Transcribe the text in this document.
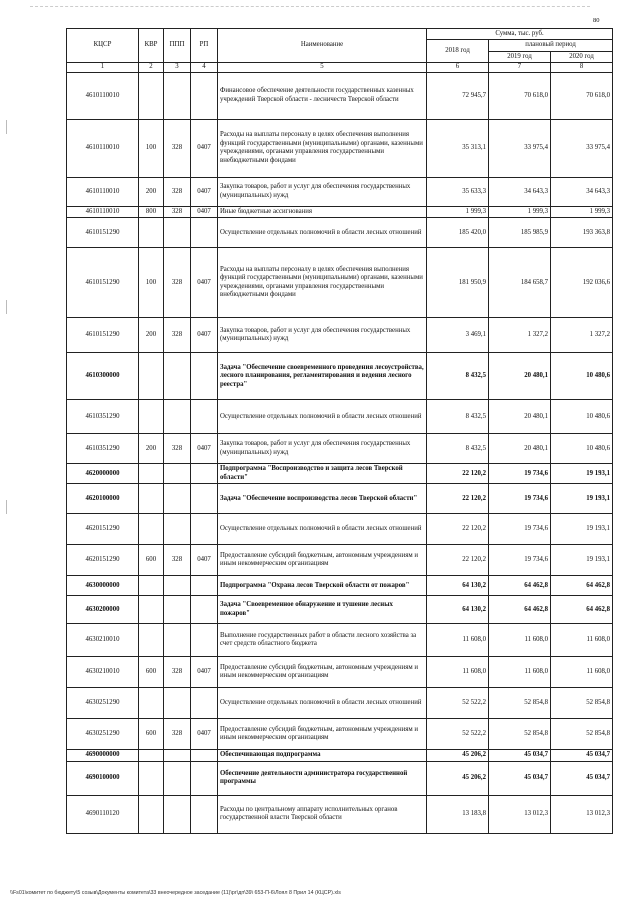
80
КЦСР	КВР	ППП	РП	Наименование	Сумма, тыс. руб.		
					2018 год	плановый период	
						2019 год	2020 год
1	2	3	4	5	6	7	8
4610110010				Финансовое обеспечение деятельности государственных казенных учреждений Тверской области - лесничеств Тверской области	72 945,7	70 618,0	70 618,0
4610110010	100	328	0407	Расходы на выплаты персоналу в целях обеспечения выполнения функций государственными (муниципальными) органами, казенными учреждениями, органами управления государственными внебюджетными фондами	35 313,1	33 975,4	33 975,4
4610110010	200	328	0407	Закупка товаров, работ и услуг для обеспечения государственных (муниципальных) нужд	35 633,3	34 643,3	34 643,3
4610110010	800	328	0407	Иные бюджетные ассигнования	1 999,3	1 999,3	1 999,3
4610151290				Осуществление отдельных полномочий в области лесных отношений	185 420,0	185 985,9	193 363,8
4610151290	100	328	0407	Расходы на выплаты персоналу в целях обеспечения выполнения функций государственными (муниципальными) органами, казенными учреждениями, органами управления государственными внебюджетными фондами	181 950,9	184 658,7	192 036,6
4610151290	200	328	0407	Закупка товаров, работ и услуг для обеспечения государственных (муниципальных) нужд	3 469,1	1 327,2	1 327,2
4610300000				Задача "Обеспечение своевременного проведения лесоустройства, лесного планирования, регламентирования и ведения лесного реестра"	8 432,5	20 480,1	10 480,6
4610351290				Осуществление отдельных полномочий в области лесных отношений	8 432,5	20 480,1	10 480,6
4610351290	200	328	0407	Закупка товаров, работ и услуг для обеспечения государственных (муниципальных) нужд	8 432,5	20 480,1	10 480,6
4620000000				Подпрограмма "Воспроизводство и защита лесов Тверской области"	22 120,2	19 734,6	19 193,1
4620100000				Задача "Обеспечение воспроизводства лесов Тверской области"	22 120,2	19 734,6	19 193,1
4620151290				Осуществление отдельных полномочий в области лесных отношений	22 120,2	19 734,6	19 193,1
4620151290	600	328	0407	Предоставление субсидий бюджетным, автономным учреждениям и иным некоммерческим организациям	22 120,2	19 734,6	19 193,1
4630000000				Подпрограмма "Охрана лесов Тверской области от пожаров"	64 130,2	64 462,8	64 462,8
4630200000				Задача "Своевременное обнаружение и тушение лесных пожаров"	64 130,2	64 462,8	64 462,8
4630210010				Выполнение государственных работ в области лесного хозяйства за счет средств областного бюджета	11 608,0	11 608,0	11 608,0
4630210010	600	328	0407	Предоставление субсидий бюджетным, автономным учреждениям и иным некоммерческим организациям	11 608,0	11 608,0	11 608,0
4630251290				Осуществление отдельных полномочий в области лесных отношений	52 522,2	52 854,8	52 854,8
4630251290	600	328	0407	Предоставление субсидий бюджетным, автономным учреждениям и иным некоммерческим организациям	52 522,2	52 854,8	52 854,8
4690000000				Обеспечивающая подпрограмма	45 206,2	45 034,7	45 034,7
4690100000				Обеспечение деятельности администратора государственной программы	45 206,2	45 034,7	45 034,7
4690110120				Расходы по центральному аппарату исполнительных органов государственной власти Тверской области	13 183,8	13 012,3	13 012,3
\\Fs01\комитет по бюджету\5 созыв\Документы комитета\33 внеочередное заседание (11)\рг\дп\39\ 653-П-6\Лоял 8 Прил 14 (КЦСР).xls
